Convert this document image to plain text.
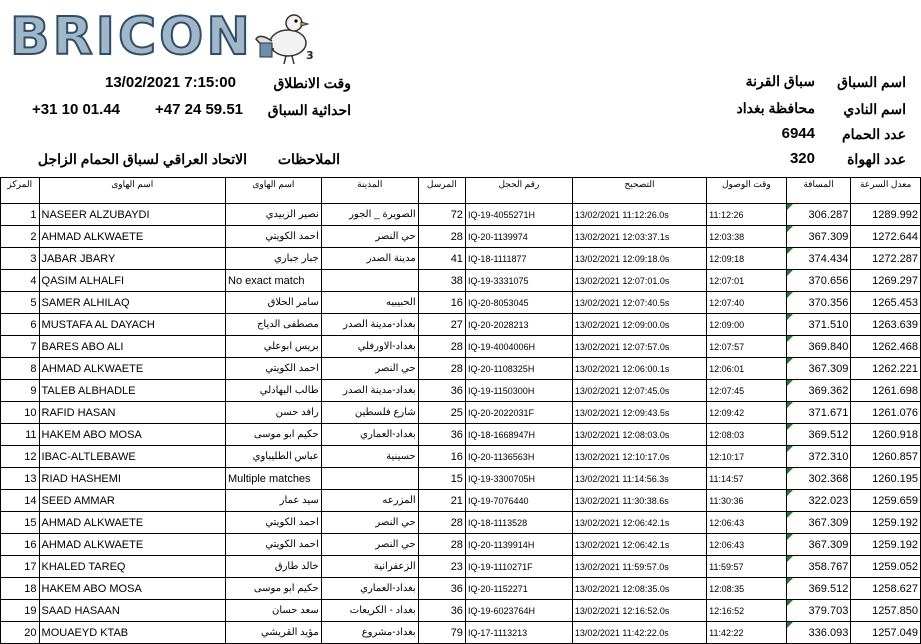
BRICON	3
13/02/2021 7:15:00	وقت الانطلاق
+31 10 01.44 +47 24 59.51 احداثية السباق
الاتحاد العراقي لسباق الحمام الزاجل الملاحظات
اسم السباق
سباق القرنة
اسم النادي
محافظة بغداد
عدد الحمام
6944
عدد الهواة
320
المركز	اسم الهاوى	اسم الهاوى	المدينة	المرسل	رقم الحجل	التصحيح	وقت الوصول	المسافة	معدل السرعة
1	NASEER ALZUBAYDI	نصير الزبيدي	الصويرة _ الجور	72	IQ-19-4055271H	13/02/2021 11:12:26.0s	11:12:26	306.287	1289.992
2	AHMAD ALKWAETE	احمد الكويتي	حي النصر	28	IQ-20-1139974	13/02/2021 12:03:37.1s	12:03:38	367.309	1272.644
3	JABAR JBARY	جبار جباري	مدينة الصدر	41	IQ-18-1111877	13/02/2021 12:09:18.0s	12:09:18	374.434	1272.287
4	QASIM ALHALFI	No exact match		38	IQ-19-3331075	13/02/2021 12:07:01.0s	12:07:01	370.656	1269.297
5	SAMER ALHILAQ	سامر الحلاق	الحبيبيه	16	IQ-20-8053045	13/02/2021 12:07:40.5s	12:07:40	370.356	1265.453
6	MUSTAFA AL DAYACH	مصطفى الدياج	بغداد-مدينة الصدر	27	IQ-20-2028213	13/02/2021 12:09:00.0s	12:09:00	371.510	1263.639
7	BARES ABO ALI	بريس ابوعلي	بغداد-الاورفلي	28	IQ-19-4004006H	13/02/2021 12:07:57.0s	12:07:57	369.840	1262.468
8	AHMAD ALKWAETE	احمد الكويتي	حي النصر	28	IQ-20-1108325H	13/02/2021 12:06:00.1s	12:06:01	367.309	1262.221
9	TALEB ALBHADLE	طالب البهادلي	بغداد-مدينة الصدر	36	IQ-19-1150300H	13/02/2021 12:07:45.0s	12:07:45	369.362	1261.698
10	RAFID HASAN	رافد حسن	شارع فلسطين	25	IQ-20-2022031F	13/02/2021 12:09:43.5s	12:09:42	371.671	1261.076
11	HAKEM ABO MOSA	حكيم ابو موسى	بغداد-العماري	36	IQ-18-1668947H	13/02/2021 12:08:03.0s	12:08:03	369.512	1260.918
12	IBAC-ALTLEBAWE	عباس الطليباوي	حسينية	16	IQ-20-1136563H	13/02/2021 12:10:17.0s	12:10:17	372.310	1260.857
13	RIAD HASHEMI	Multiple matches		15	IQ-19-3300705H	13/02/2021 11:14:56.3s	11:14:57	302.368	1260.195
14	SEED AMMAR	سيد عمار	المزرعه	21	IQ-19-7076440	13/02/2021 11:30:38.6s	11:30:36	322.023	1259.659
15	AHMAD ALKWAETE	احمد الكويتي	حي النصر	28	IQ-18-1113528	13/02/2021 12:06:42.1s	12:06:43	367.309	1259.192
16	AHMAD ALKWAETE	احمد الكويتي	حي النصر	28	IQ-20-1139914H	13/02/2021 12:06:42.1s	12:06:43	367.309	1259.192
17	KHALED TAREQ	خالد طارق	الزعفرانية	23	IQ-19-1110271F	13/02/2021 11:59:57.0s	11:59:57	358.767	1259.052
18	HAKEM ABO MOSA	حكيم ابو موسى	بغداد-العماري	36	IQ-20-1152271	13/02/2021 12:08:35.0s	12:08:35	369.512	1258.627
19	SAAD HASAAN	سعد حسان	بغداد - الكريعات	36	IQ-19-6023764H	13/02/2021 12:16:52.0s	12:16:52	379.703	1257.850
20	MOUAEYD KTAB	مؤيد القريشي	بغداد-مشروع	79	IQ-17-1113213	13/02/2021 11:42:22.0s	11:42:22	336.093	1257.049
